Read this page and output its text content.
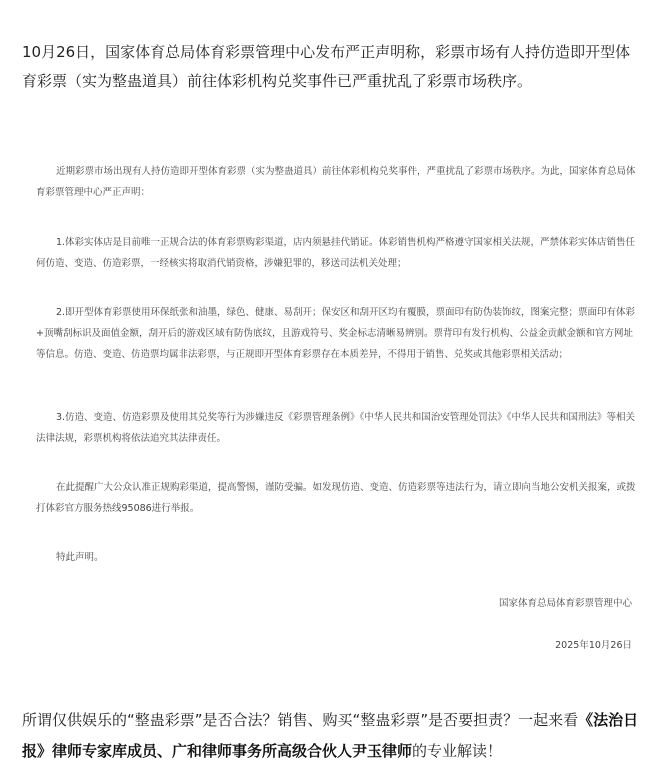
10月26日，国家体育总局体育彩票管理中心发布严正声明称，彩票市场有人持仿造即开型体育彩票（实为整蛊道具）前往体彩机构兑奖事件已严重扰乱了彩票市场秩序。

近期彩票市场出现有人持仿造即开型体育彩票（实为整蛊道具）前往体彩机构兑奖事件，严重扰乱了彩票市场秩序。为此，国家体育总局体育彩票管理中心严正声明：

1.体彩实体店是目前唯一正规合法的体育彩票购彩渠道，店内须悬挂代销证。体彩销售机构严格遵守国家相关法规，严禁体彩实体店销售任何仿造、变造、仿造彩票，一经核实将取消代销资格，涉嫌犯罪的，移送司法机关处理；

2.即开型体育彩票使用环保纸张和油墨，绿色、健康、易刮开；保安区和刮开区均有覆膜，票面印有防伪装饰纹，图案完整；票面印有体彩+顶嘴刮标识及面值金额，刮开后的游戏区域有防伪底纹，且游戏符号、奖金标志清晰易辨别。票背印有发行机构、公益金贡献金额和官方网址等信息。仿造、变造、仿造票均属非法彩票，与正规即开型体育彩票存在本质差异，不得用于销售、兑奖或其他彩票相关活动；

3.仿造、变造、仿造彩票及使用其兑奖等行为涉嫌违反《彩票管理条例》《中华人民共和国治安管理处罚法》《中华人民共和国刑法》等相关法律法规，彩票机构将依法追究其法律责任。

在此提醒广大公众认准正规购彩渠道，提高警惕，谨防受骗。如发现仿造、变造、仿造彩票等违法行为，请立即向当地公安机关报案，或拨打体彩官方服务热线95086进行举报。

特此声明。

国家体育总局体育彩票管理中心

2025年10月26日

所谓仅供娱乐的“整蛊彩票”是否合法？销售、购买“整蛊彩票”是否要担责？一起来看《法治日报》律师专家库成员、广和律师事务所高级合伙人尹玉律师的专业解读！
